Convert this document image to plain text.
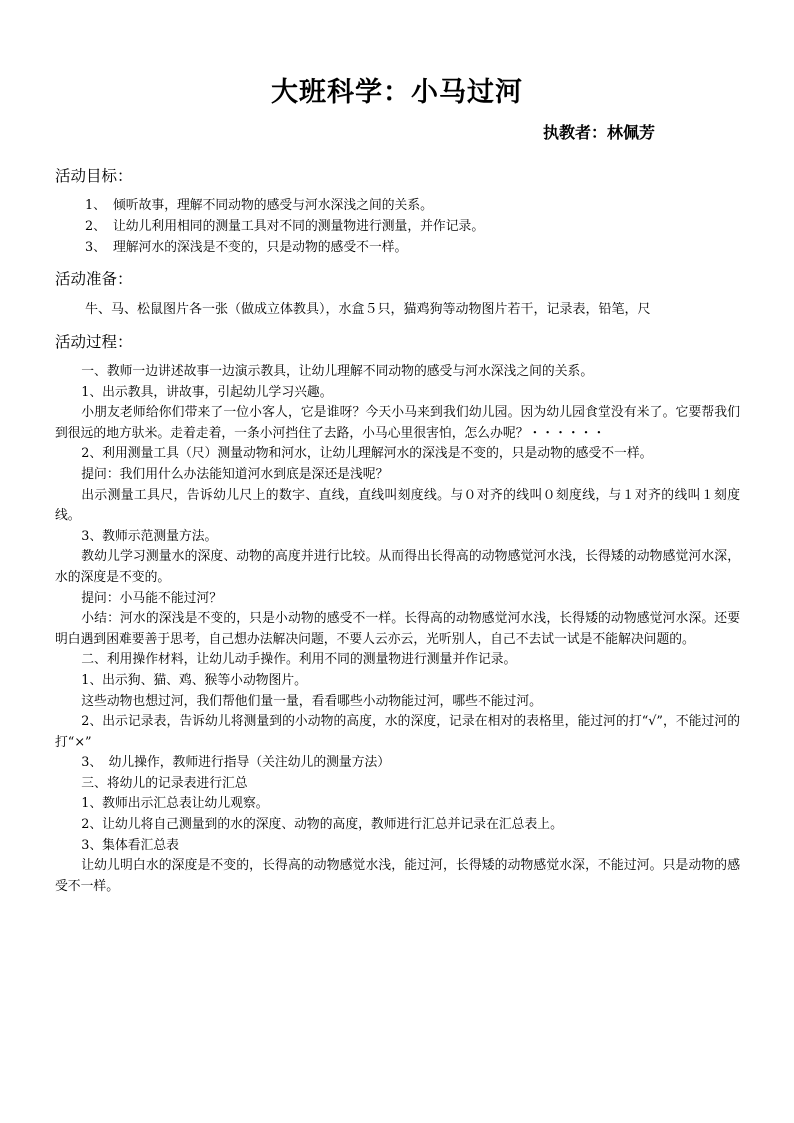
大班科学：小马过河
执教者：林佩芳
活动目标：
1、 倾听故事，理解不同动物的感受与河水深浅之间的关系。
2、 让幼儿利用相同的测量工具对不同的测量物进行测量，并作记录。
3、 理解河水的深浅是不变的，只是动物的感受不一样。
活动准备：
牛、马、松鼠图片各一张（做成立体教具），水盒５只，猫鸡狗等动物图片若干，记录表，铅笔，尺
活动过程：

一、教师一边讲述故事一边演示教具，让幼儿理解不同动物的感受与河水深浅之间的关系。

1、出示教具，讲故事，引起幼儿学习兴趣。

小朋友老师给你们带来了一位小客人，它是谁呀？今天小马来到我们幼儿园。因为幼儿园食堂没有米了。它要帮我们到很远的地方驮米。走着走着，一条小河挡住了去路，小马心里很害怕，怎么办呢？・・・・・・

2、利用测量工具（尺）测量动物和河水，让幼儿理解河水的深浅是不变的，只是动物的感受不一样。

提问：我们用什么办法能知道河水到底是深还是浅呢？

出示测量工具尺，告诉幼儿尺上的数字、直线，直线叫刻度线。与０对齐的线叫０刻度线，与１对齐的线叫１刻度线。

3、教师示范测量方法。

教幼儿学习测量水的深度、动物的高度并进行比较。从而得出长得高的动物感觉河水浅，长得矮的动物感觉河水深，水的深度是不变的。

提问：小马能不能过河？

小结：河水的深浅是不变的，只是小动物的感受不一样。长得高的动物感觉河水浅，长得矮的动物感觉河水深。还要明白遇到困难要善于思考，自己想办法解决问题，不要人云亦云，光听别人，自己不去试一试是不能解决问题的。

二、利用操作材料，让幼儿动手操作。利用不同的测量物进行测量并作记录。

1、出示狗、猫、鸡、猴等小动物图片。

这些动物也想过河，我们帮他们量一量，看看哪些小动物能过河，哪些不能过河。

2、出示记录表，告诉幼儿将测量到的小动物的高度，水的深度，记录在相对的表格里，能过河的打“√”，不能过河的打“×”

3、　幼儿操作，教师进行指导（关注幼儿的测量方法）

三、将幼儿的记录表进行汇总

1、教师出示汇总表让幼儿观察。

2、让幼儿将自己测量到的水的深度、动物的高度，教师进行汇总并记录在汇总表上。

3、集体看汇总表

让幼儿明白水的深度是不变的，长得高的动物感觉水浅，能过河，长得矮的动物感觉水深，不能过河。只是动物的感受不一样。
